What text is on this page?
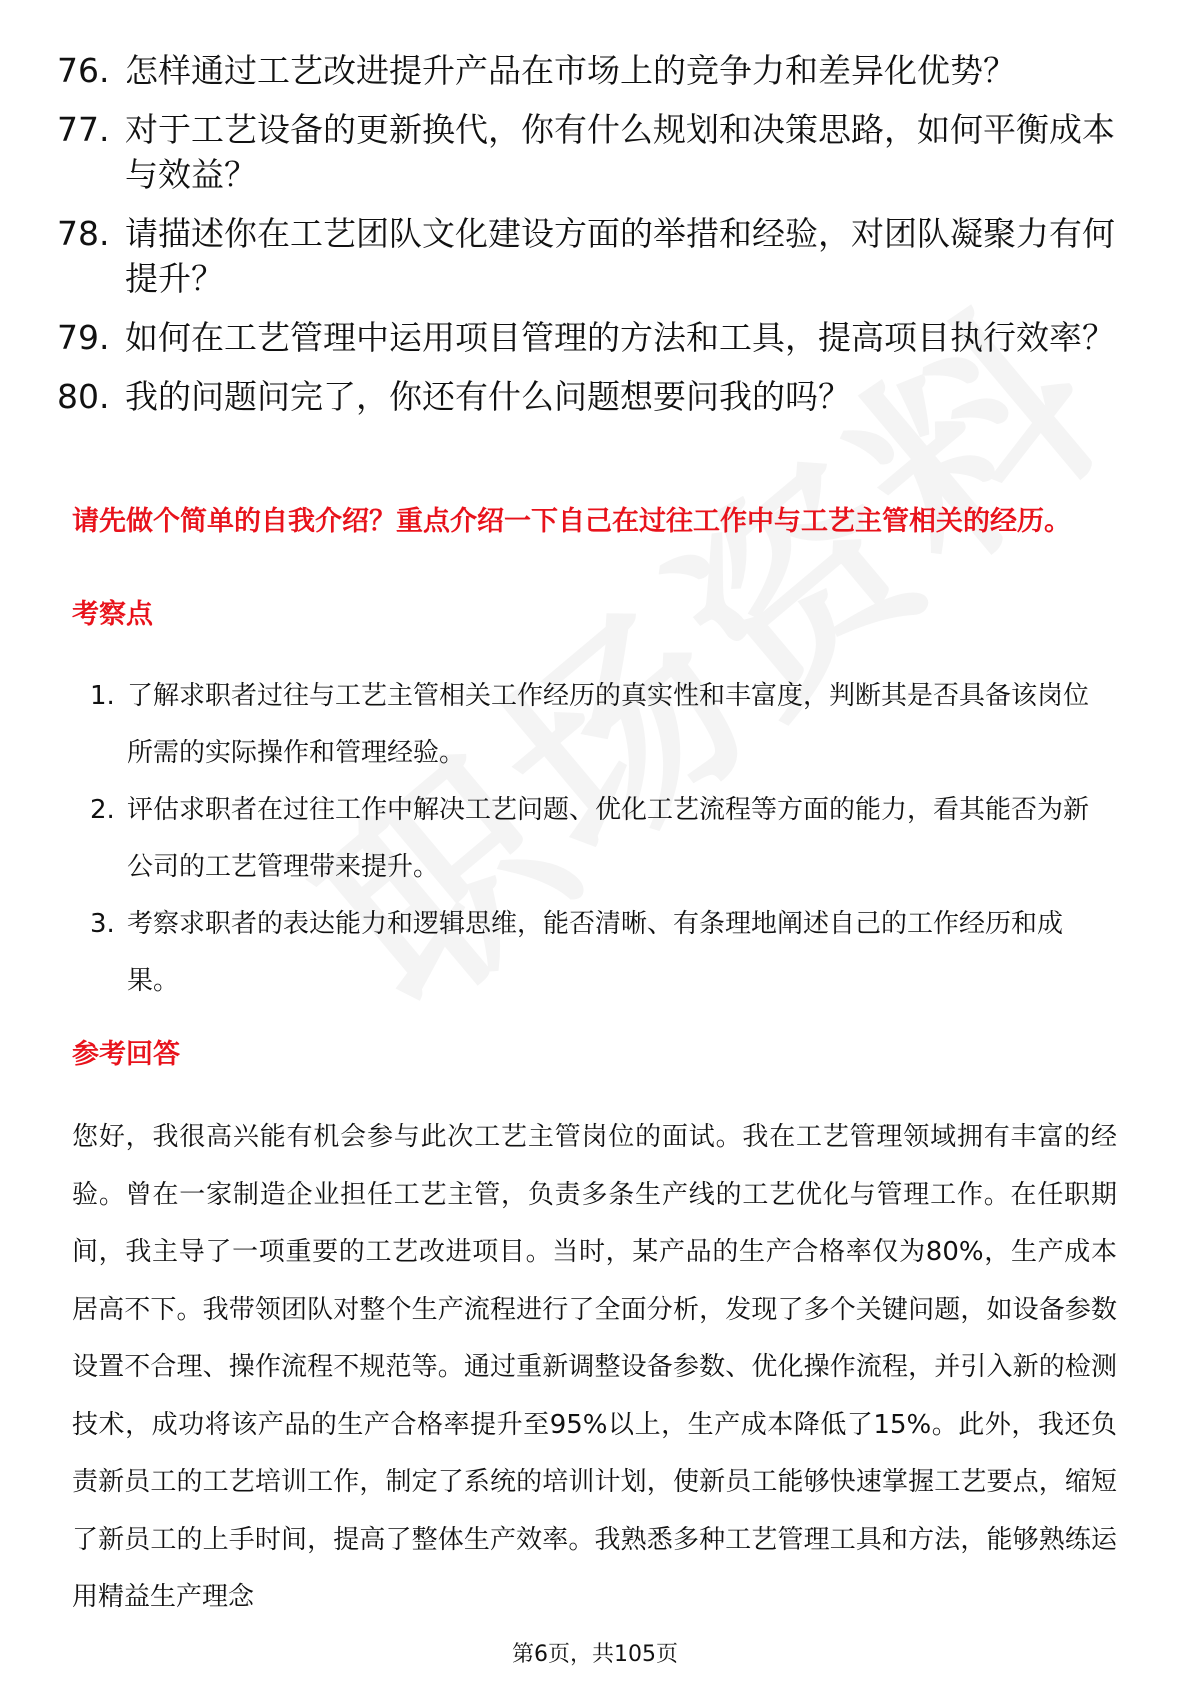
76. 怎样通过工艺改进提升产品在市场上的竞争力和差异化优势？
77. 对于工艺设备的更新换代，你有什么规划和决策思路，如何平衡成本与效益？
78. 请描述你在工艺团队文化建设方面的举措和经验，对团队凝聚力有何提升？
79. 如何在工艺管理中运用项目管理的方法和工具，提高项目执行效率？
80. 我的问题问完了，你还有什么问题想要问我的吗？
请先做个简单的自我介绍？重点介绍一下自己在过往工作中与工艺主管相关的经历。
考察点
1. 了解求职者过往与工艺主管相关工作经历的真实性和丰富度，判断其是否具备该岗位所需的实际操作和管理经验。
2. 评估求职者在过往工作中解决工艺问题、优化工艺流程等方面的能力，看其能否为新公司的工艺管理带来提升。
3. 考察求职者的表达能力和逻辑思维，能否清晰、有条理地阐述自己的工作经历和成果。
参考回答
您好，我很高兴能有机会参与此次工艺主管岗位的面试。我在工艺管理领域拥有丰富的经验。曾在一家制造企业担任工艺主管，负责多条生产线的工艺优化与管理工作。在任职期间，我主导了一项重要的工艺改进项目。当时，某产品的生产合格率仅为80%，生产成本居高不下。我带领团队对整个生产流程进行了全面分析，发现了多个关键问题，如设备参数设置不合理、操作流程不规范等。通过重新调整设备参数、优化操作流程，并引入新的检测技术，成功将该产品的生产合格率提升至95%以上，生产成本降低了15%。此外，我还负责新员工的工艺培训工作，制定了系统的培训计划，使新员工能够快速掌握工艺要点，缩短了新员工的上手时间，提高了整体生产效率。我熟悉多种工艺管理工具和方法，能够熟练运用精益生产理念
第6页，共105页
